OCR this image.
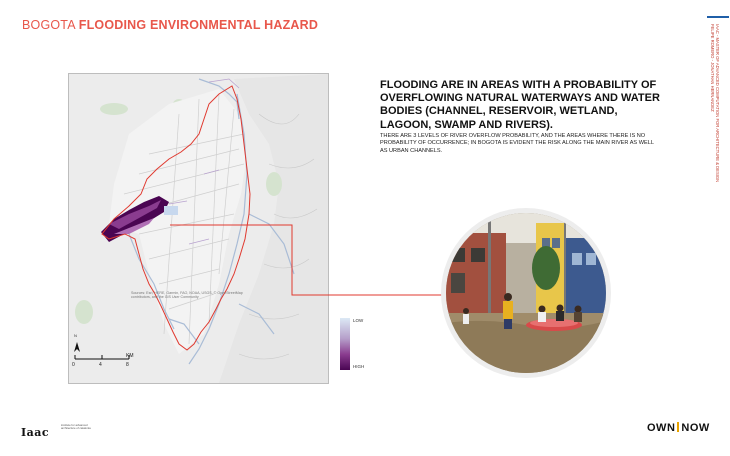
BOGOTA FLOODING ENVIRONMENTAL HAZARD	IAAC - MASTER OF ADVANCED COMPUTATION FOR ARCHITECTURE & DESIGN
FELIPE ROMERO - JONATHAN HERNANDEZ
N
0	4	8
KM
Sources: Esri, HERE, Garmin, FAO, NOAA, USGS, © OpenStreetMap contributors, and the GIS User Community
LOW
HIGH
FLOODING ARE IN AREAS WITH A PROBABILITY OF OVERFLOWING NATURAL WATERWAYS AND WATER BODIES (CHANNEL, RESERVOIR, WETLAND, LAGOON, SWAMP AND RIVERS).
THERE ARE 3 LEVELS OF RIVER OVERFLOW PROBABILITY, AND THE AREAS WHERE THERE IS NO PROBABILITY OF OCCURRENCE; IN BOGOTA IS EVIDENT THE RISK ALONG THE MAIN RIVER AS WELL AS URBAN CHANNELS.
Iaac
institute for advanced architecture of catalonia	OWN NOW
